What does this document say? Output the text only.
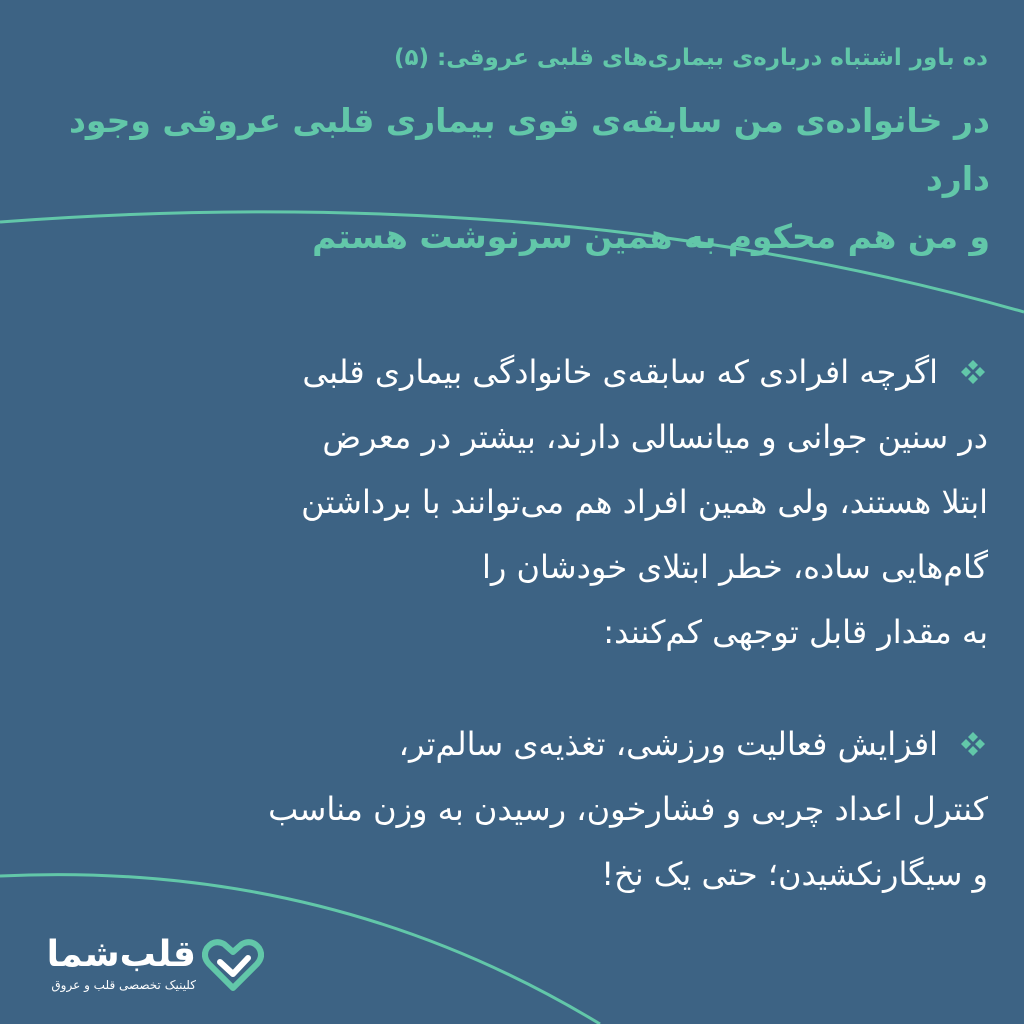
ده باور اشتباه درباره‌ی بیماری‌های قلبی عروقی: (۵)

در خانواده‌ی من سابقه‌ی قوی بیماری قلبی عروقی وجود دارد
و من هم محکوم به همین سرنوشت هستم
اگرچه افرادی که سابقه‌ی خانوادگی بیماری قلبی
در سنین جوانی و میانسالی دارند، بیشتر در معرض
ابتلا هستند، ولی همین افراد هم می‌توانند با برداشتن
گام‌هایی ساده، خطر ابتلای خودشان را
به مقدار قابل توجهی کم‌کنند:
افزایش فعالیت ورزشی، تغذیه‌ی سالم‌تر،
کنترل اعداد چربی و فشارخون، رسیدن به وزن مناسب
و سیگارنکشیدن؛ حتی یک نخ!
قلب‌شما
کلینیک تخصصی قلب و عروق
